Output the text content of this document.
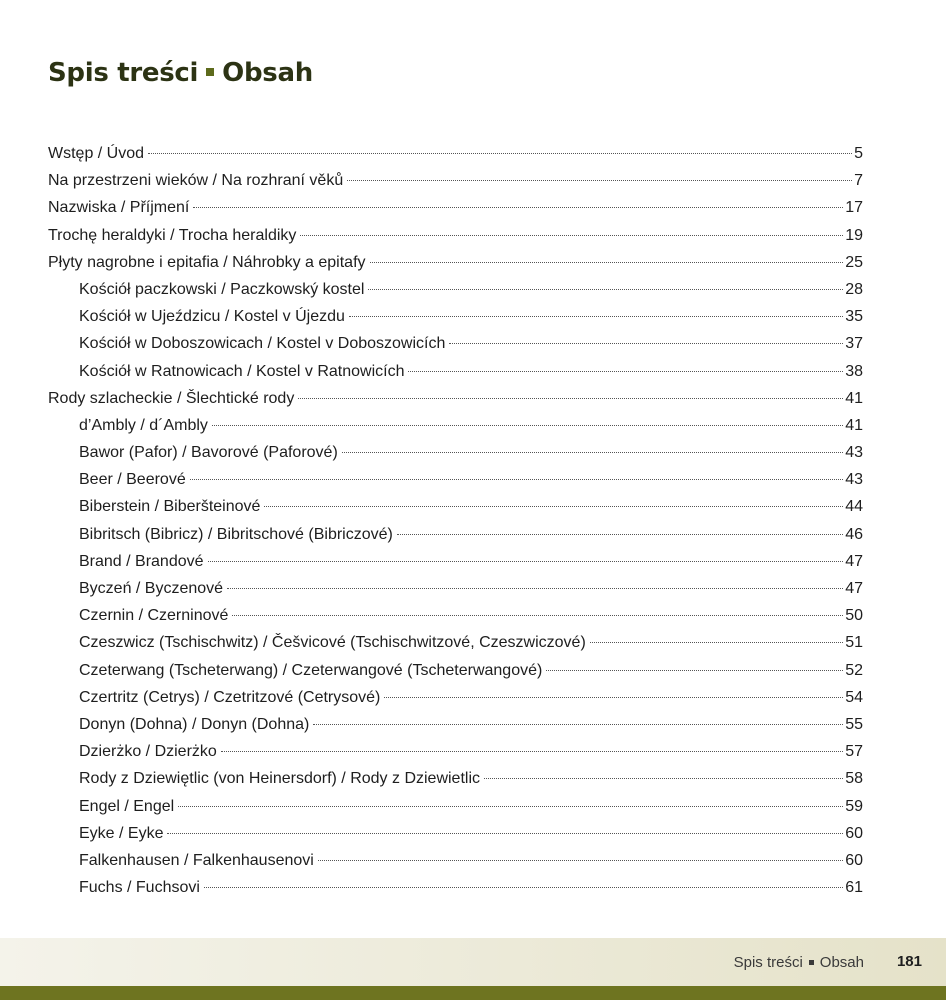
Spis treści Obsah
Wstęp / Úvod	5
Na przestrzeni wieków / Na rozhraní věků	7
Nazwiska / Příjmení	17
Trochę heraldyki / Trocha heraldiky	19
Płyty nagrobne i epitafia / Náhrobky a epitafy	25
Kościół paczkowski / Paczkowský kostel	28
Kościół w Ujeździcu / Kostel v Újezdu	35
Kościół w Doboszowicach / Kostel v Doboszowicích	37
Kościół w Ratnowicach / Kostel v Ratnowicích	38
Rody szlacheckie / Šlechtické rody	41
d’Ambly / d´Ambly	41
Bawor (Pafor) / Bavorové (Paforové)	43
Beer / Beerové	43
Biberstein / Biberšteinové	44
Bibritsch (Bibricz) / Bibritschové (Bibriczové)	46
Brand / Brandové	47
Byczeń / Byczenové	47
Czernin / Czerninové	50
Czeszwicz (Tschischwitz) / Češvicové (Tschischwitzové, Czeszwiczové)	51
Czeterwang (Tscheterwang) / Czeterwangové (Tscheterwangové)	52
Czertritz (Cetrys) / Czetritzové (Cetrysové)	54
Donyn (Dohna) / Donyn (Dohna)	55
Dzierżko / Dzierżko	57
Rody z Dziewiętlic (von Heinersdorf) / Rody z Dziewietlic	58
Engel / Engel	59
Eyke / Eyke	60
Falkenhausen / Falkenhausenovi	60
Fuchs / Fuchsovi	61
Spis treści Obsah 181
